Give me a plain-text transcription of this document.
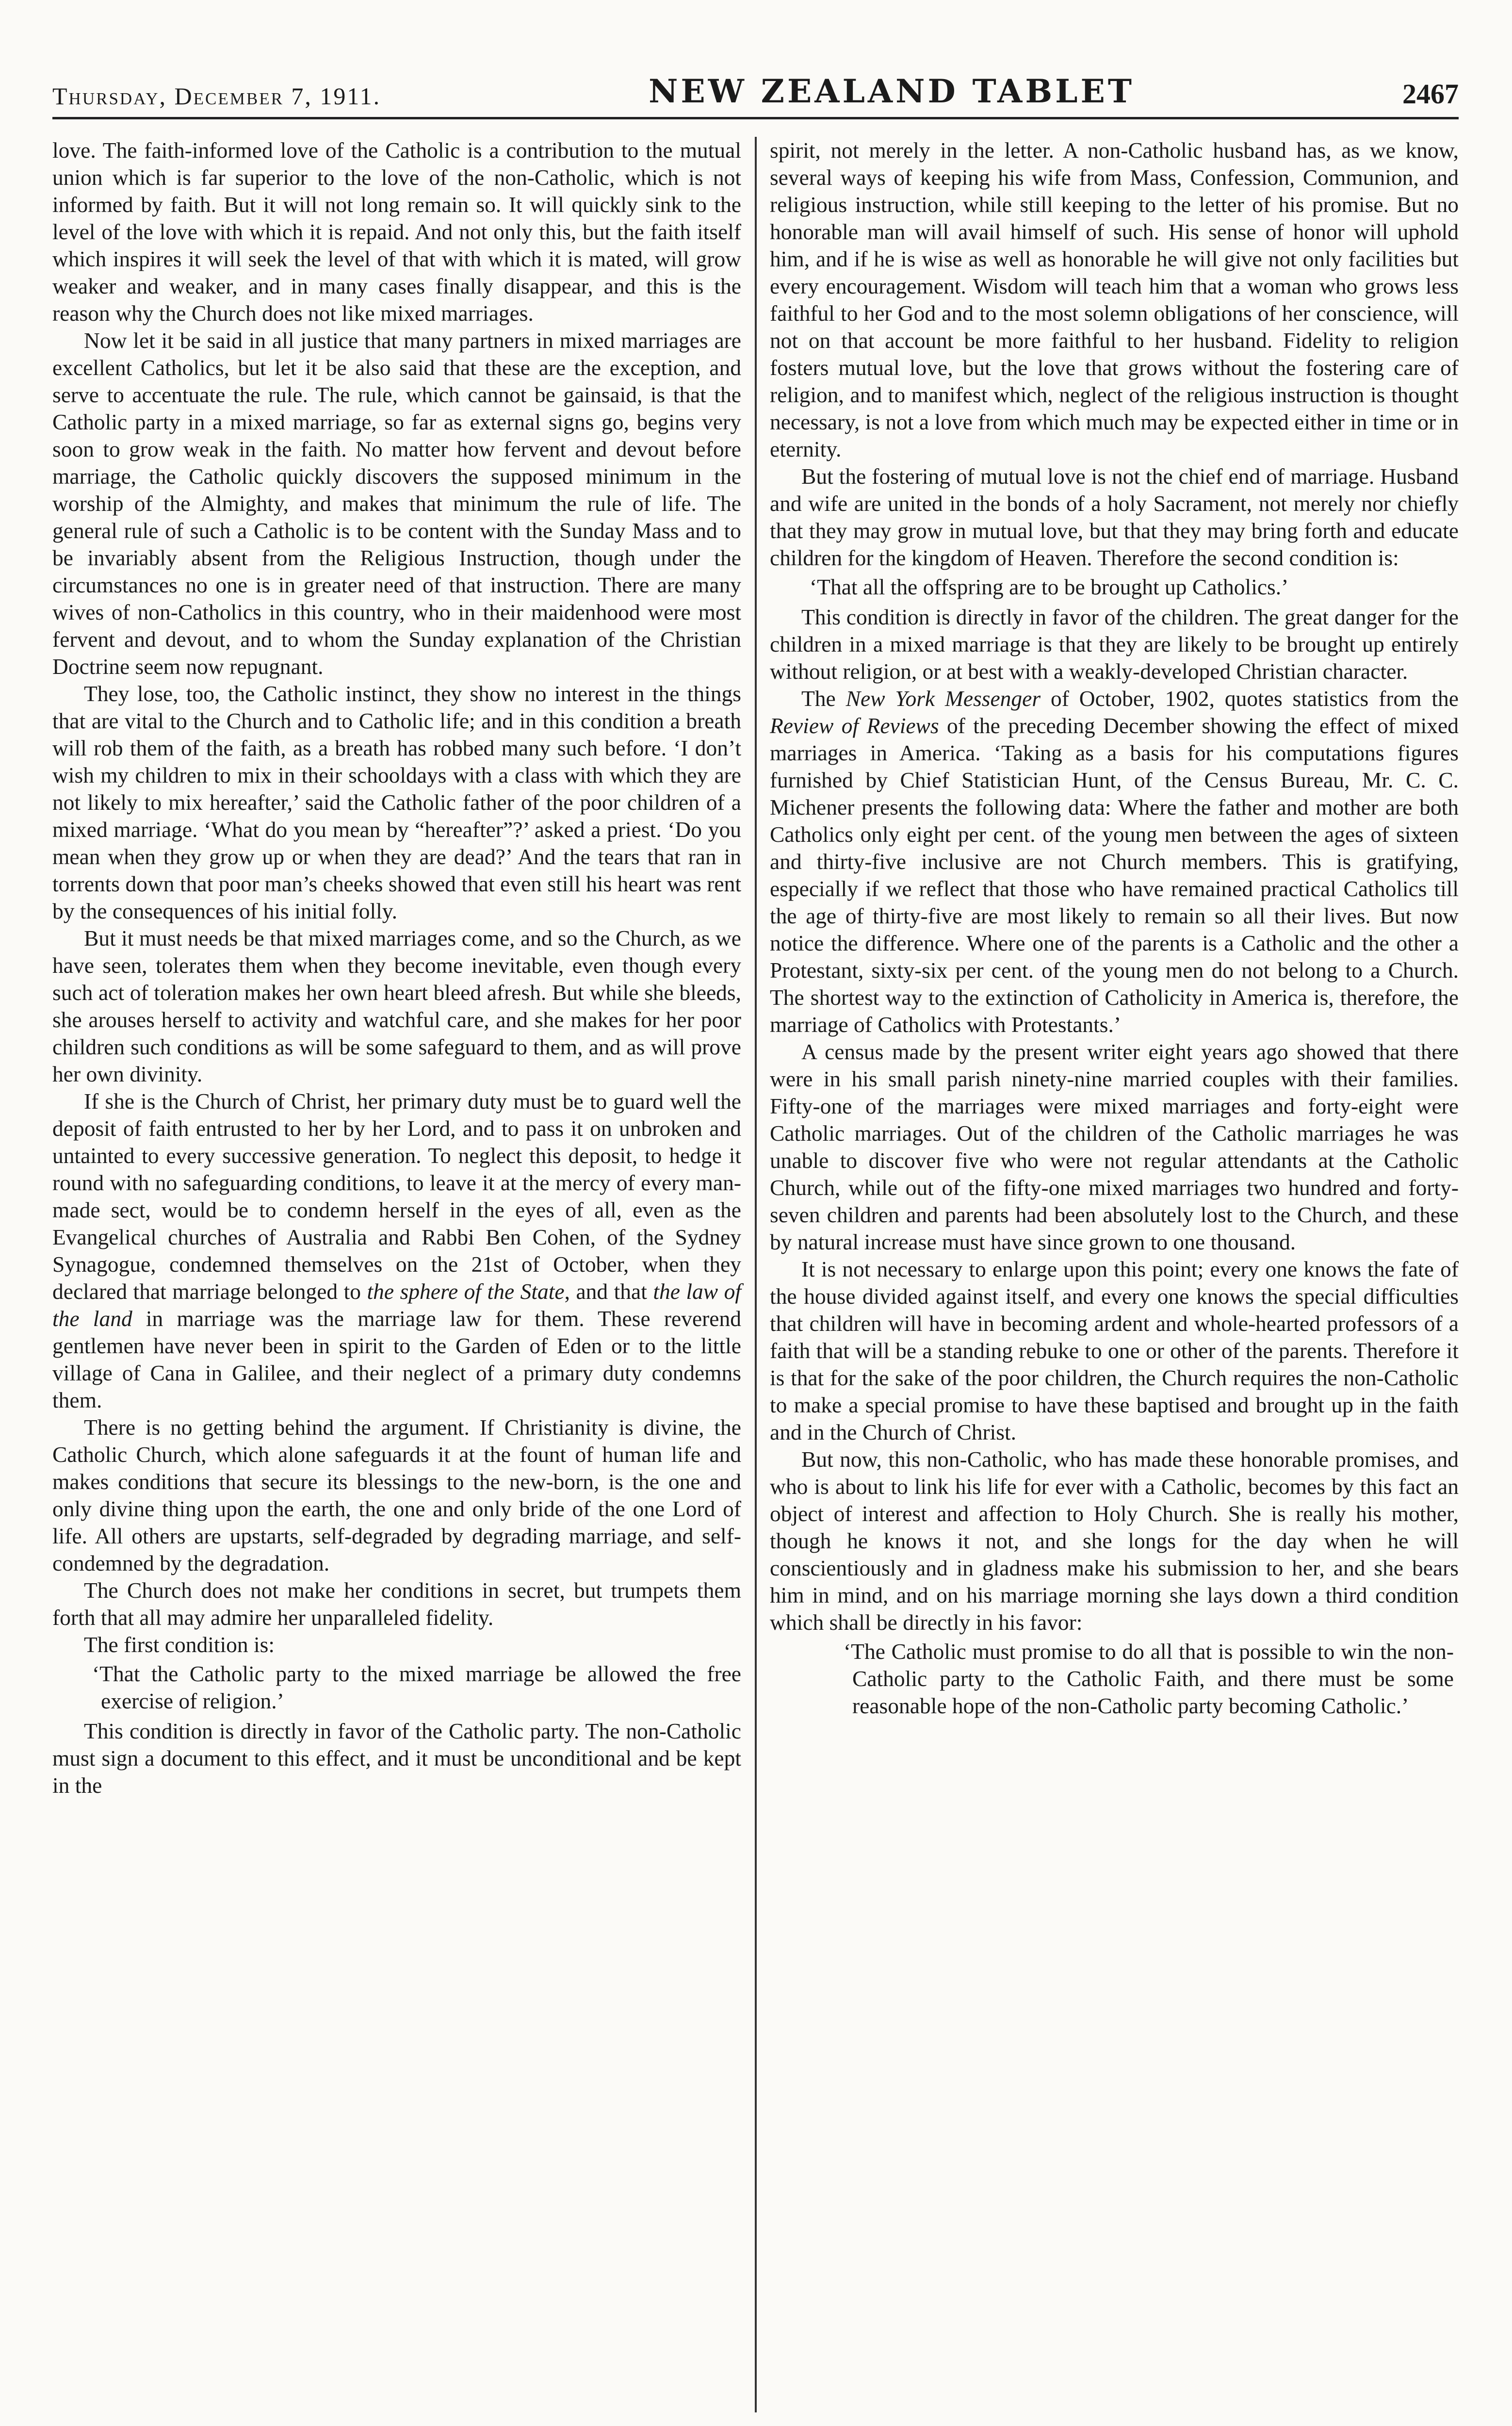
Thursday, December 7, 1911.	NEW ZEALAND TABLET	2467

love. The faith-informed love of the Catholic is a contribution to the mutual union which is far superior to the love of the non-Catholic, which is not informed by faith. But it will not long remain so. It will quickly sink to the level of the love with which it is repaid. And not only this, but the faith itself which inspires it will seek the level of that with which it is mated, will grow weaker and weaker, and in many cases finally disappear, and this is the reason why the Church does not like mixed marriages.

Now let it be said in all justice that many partners in mixed marriages are excellent Catholics, but let it be also said that these are the exception, and serve to accentuate the rule. The rule, which cannot be gainsaid, is that the Catholic party in a mixed marriage, so far as external signs go, begins very soon to grow weak in the faith. No matter how fervent and devout before marriage, the Catholic quickly discovers the supposed minimum in the worship of the Almighty, and makes that minimum the rule of life. The general rule of such a Catholic is to be content with the Sunday Mass and to be invariably absent from the Religious Instruction, though under the circumstances no one is in greater need of that instruction. There are many wives of non-Catholics in this country, who in their maidenhood were most fervent and devout, and to whom the Sunday explanation of the Christian Doctrine seem now repugnant.

They lose, too, the Catholic instinct, they show no interest in the things that are vital to the Church and to Catholic life; and in this condition a breath will rob them of the faith, as a breath has robbed many such before. ‘I don’t wish my children to mix in their schooldays with a class with which they are not likely to mix hereafter,’ said the Catholic father of the poor children of a mixed marriage. ‘What do you mean by “hereafter”?’ asked a priest. ‘Do you mean when they grow up or when they are dead?’ And the tears that ran in torrents down that poor man’s cheeks showed that even still his heart was rent by the consequences of his initial folly.

But it must needs be that mixed marriages come, and so the Church, as we have seen, tolerates them when they become inevitable, even though every such act of toleration makes her own heart bleed afresh. But while she bleeds, she arouses herself to activity and watchful care, and she makes for her poor children such conditions as will be some safeguard to them, and as will prove her own divinity.

If she is the Church of Christ, her primary duty must be to guard well the deposit of faith entrusted to her by her Lord, and to pass it on unbroken and untainted to every successive generation. To neglect this deposit, to hedge it round with no safeguarding conditions, to leave it at the mercy of every man-made sect, would be to condemn herself in the eyes of all, even as the Evangelical churches of Australia and Rabbi Ben Cohen, of the Sydney Synagogue, condemned themselves on the 21st of October, when they declared that marriage belonged to the sphere of the State, and that the law of the land in marriage was the marriage law for them. These reverend gentlemen have never been in spirit to the Garden of Eden or to the little village of Cana in Galilee, and their neglect of a primary duty condemns them.

There is no getting behind the argument. If Christianity is divine, the Catholic Church, which alone safeguards it at the fount of human life and makes conditions that secure its blessings to the new-born, is the one and only divine thing upon the earth, the one and only bride of the one Lord of life. All others are upstarts, self-degraded by degrading marriage, and self-condemned by the degradation.

The Church does not make her conditions in secret, but trumpets them forth that all may admire her unparalleled fidelity.

The first condition is:

‘That the Catholic party to the mixed marriage be allowed the free exercise of religion.’

This condition is directly in favor of the Catholic party. The non-Catholic must sign a document to this effect, and it must be unconditional and be kept in the

spirit, not merely in the letter. A non-Catholic husband has, as we know, several ways of keeping his wife from Mass, Confession, Communion, and religious instruction, while still keeping to the letter of his promise. But no honorable man will avail himself of such. His sense of honor will uphold him, and if he is wise as well as honorable he will give not only facilities but every encouragement. Wisdom will teach him that a woman who grows less faithful to her God and to the most solemn obligations of her conscience, will not on that account be more faithful to her husband. Fidelity to religion fosters mutual love, but the love that grows without the fostering care of religion, and to manifest which, neglect of the religious instruction is thought necessary, is not a love from which much may be expected either in time or in eternity.

But the fostering of mutual love is not the chief end of marriage. Husband and wife are united in the bonds of a holy Sacrament, not merely nor chiefly that they may grow in mutual love, but that they may bring forth and educate children for the kingdom of Heaven. Therefore the second condition is:

‘That all the offspring are to be brought up Catholics.’

This condition is directly in favor of the children. The great danger for the children in a mixed marriage is that they are likely to be brought up entirely without religion, or at best with a weakly-developed Christian character.

The New York Messenger of October, 1902, quotes statistics from the Review of Reviews of the preceding December showing the effect of mixed marriages in America. ‘Taking as a basis for his computations figures furnished by Chief Statistician Hunt, of the Census Bureau, Mr. C. C. Michener presents the following data: Where the father and mother are both Catholics only eight per cent. of the young men between the ages of sixteen and thirty-five inclusive are not Church members. This is gratifying, especially if we reflect that those who have remained practical Catholics till the age of thirty-five are most likely to remain so all their lives. But now notice the difference. Where one of the parents is a Catholic and the other a Protestant, sixty-six per cent. of the young men do not belong to a Church. The shortest way to the extinction of Catholicity in America is, therefore, the marriage of Catholics with Protestants.’

A census made by the present writer eight years ago showed that there were in his small parish ninety-nine married couples with their families. Fifty-one of the marriages were mixed marriages and forty-eight were Catholic marriages. Out of the children of the Catholic marriages he was unable to discover five who were not regular attendants at the Catholic Church, while out of the fifty-one mixed marriages two hundred and forty-seven children and parents had been absolutely lost to the Church, and these by natural increase must have since grown to one thousand.

It is not necessary to enlarge upon this point; every one knows the fate of the house divided against itself, and every one knows the special difficulties that children will have in becoming ardent and whole-hearted professors of a faith that will be a standing rebuke to one or other of the parents. Therefore it is that for the sake of the poor children, the Church requires the non-Catholic to make a special promise to have these baptised and brought up in the faith and in the Church of Christ.

But now, this non-Catholic, who has made these honorable promises, and who is about to link his life for ever with a Catholic, becomes by this fact an object of interest and affection to Holy Church. She is really his mother, though he knows it not, and she longs for the day when he will conscientiously and in gladness make his submission to her, and she bears him in mind, and on his marriage morning she lays down a third condition which shall be directly in his favor:

‘The Catholic must promise to do all that is possible to win the non-Catholic party to the Catholic Faith, and there must be some reasonable hope of the non-Catholic party becoming Catholic.’
